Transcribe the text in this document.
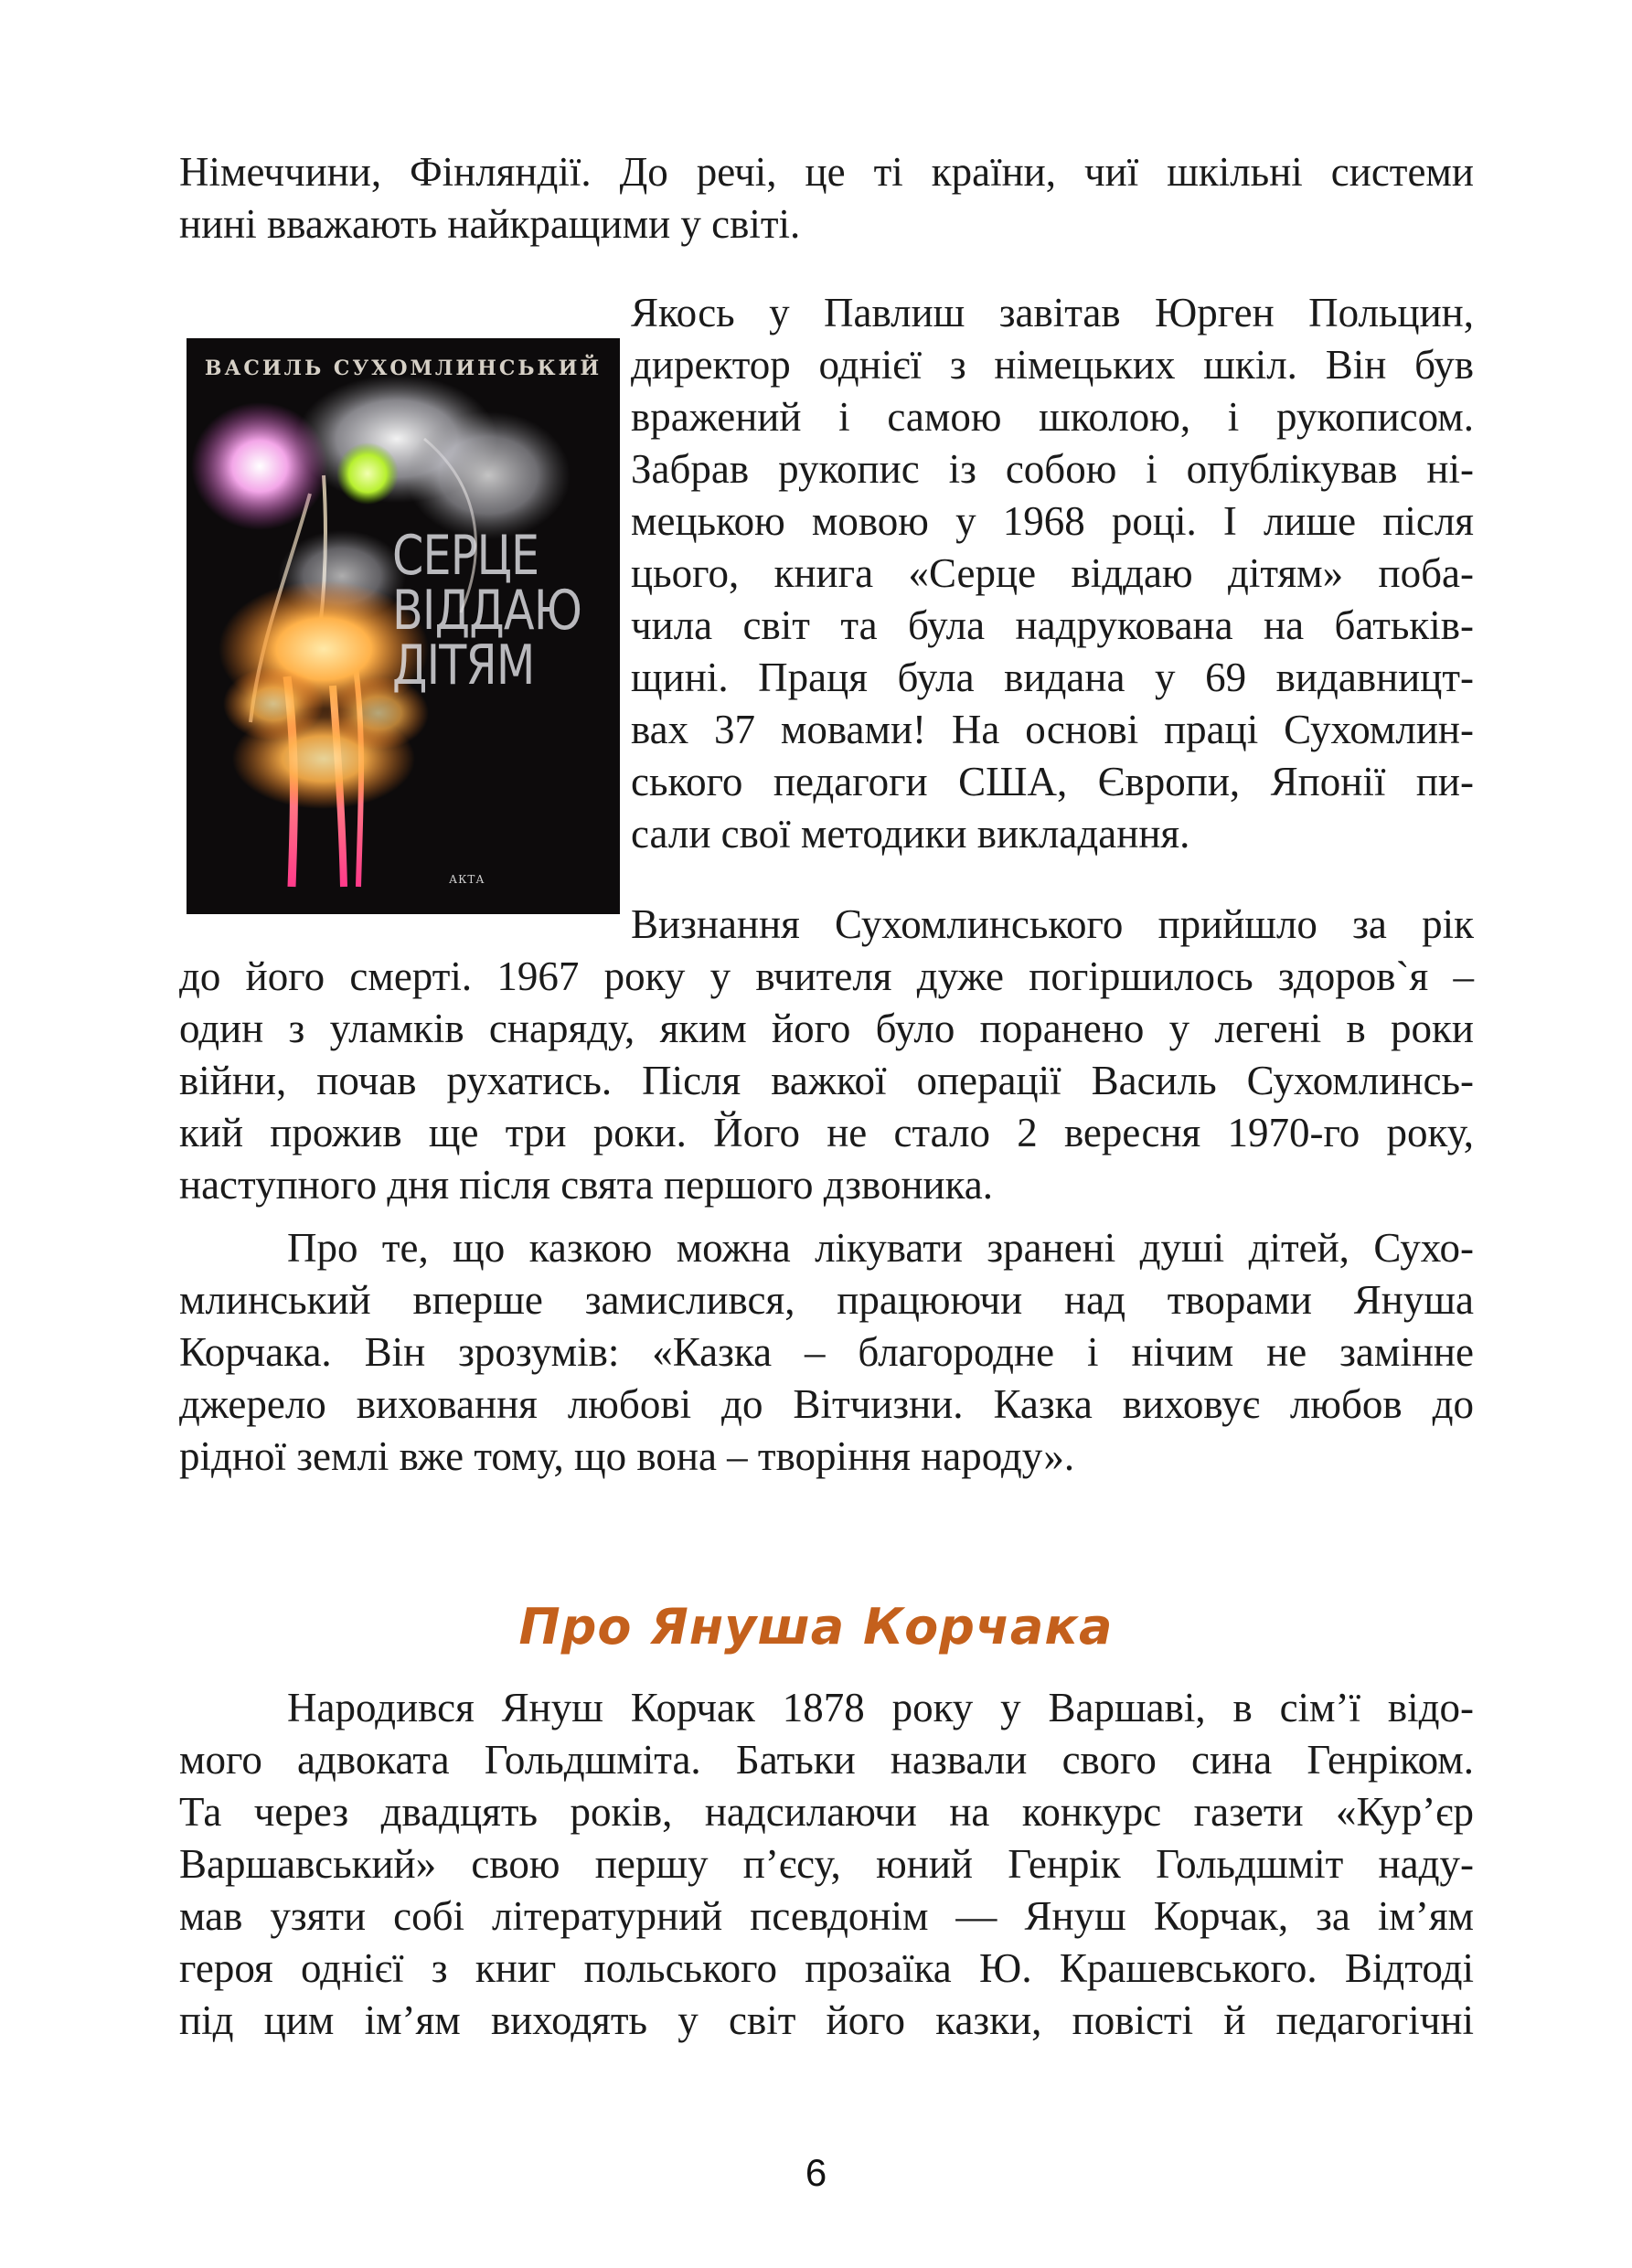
Німеччини, Фінляндії. До речі, це ті країни, чиї шкільні системи
нині вважають найкращими у світі.
ВАСИЛЬ СУХОМЛИНСЬКИЙ
СЕРЦЕ
ВІДДАЮ
ДІТЯМ
АКТА
Якось у Павлиш завітав Юрген Польцин,
директор однієї з німецьких шкіл. Він був
вражений і самою школою, і рукописом.
Забрав рукопис із собою і опублікував ні-
мецькою мовою у 1968 році. І лише після
цього, книга «Серце віддаю дітям» поба-
чила світ та була надрукована на батьків-
щині. Праця була видана у 69 видавницт-
вах 37 мовами! На основі праці Сухомлин-
ського педагоги США, Європи, Японії пи-
сали свої методики викладання.
Визнання Сухомлинського прийшло за рік
до його смерті. 1967 року у вчителя дуже погіршилось здоров`я –
один з уламків снаряду, яким його було поранено у легені в роки
війни, почав рухатись. Після важкої операції Василь Сухомлинсь-
кий прожив ще три роки. Його не стало 2 вересня 1970-го року,
наступного дня після свята першого дзвоника.
Про те, що казкою можна лікувати зранені душі дітей, Сухо-
млинський вперше замислився, працюючи над творами Януша
Корчака. Він зрозумів: «Казка – благородне і нічим не замінне
джерело виховання любові до Вітчизни. Казка виховує любов до
рідної землі вже тому, що вона – творіння народу».
Про Януша Корчака
Народився Януш Корчак 1878 року у Варшаві, в сім’ї відо-
мого адвоката Гольдшміта. Батьки назвали свого сина Генріком.
Та через двадцять років, надсилаючи на конкурс газети «Кур’єр
Варшавський» свою першу п’єсу, юний Генрік Гольдшміт наду-
мав узяти собі літературний псевдонім — Януш Корчак, за ім’ям
героя однієї з книг польського прозаїка Ю. Крашевського. Відтоді
під цим ім’ям виходять у світ його казки, повісті й педагогічні
6
